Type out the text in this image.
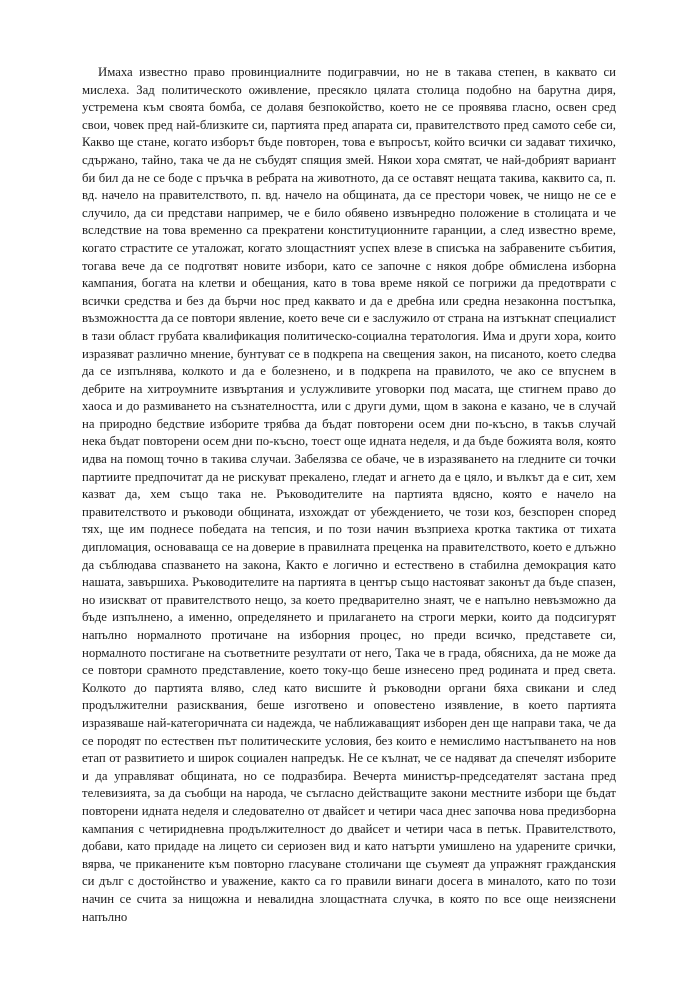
Имаха известно право провинциалните подигравчии, но не в такава степен, в каквато си мислеха. Зад политическото оживление, пресякло цялата столица подобно на барутна диря, устремена към своята бомба, се долавя безпокойство, което не се проявява гласно, освен сред свои, човек пред най-близките си, партията пред апарата си, правителството пред самото себе си, Какво ще стане, когато изборът бъде повторен, това е въпросът, който всички си задават тихичко, сдържано, тайно, така че да не събудят спящия змей. Някои хора смятат, че най-добрият вариант би бил да не се боде с пръчка в ребрата на животното, да се оставят нещата такива, каквито са, п. вд. начело на правителството, п. вд. начело на общината, да се престори човек, че нищо не се е случило, да си представи например, че е било обявено извънредно положение в столицата и че вследствие на това временно са прекратени конституционните гаранции, а след известно време, когато страстите се уталожат, когато злощастният успех влезе в списъка на забравените събития, тогава вече да се подготвят новите избори, като се започне с някоя добре обмислена изборна кампания, богата на клетви и обещания, като в това време някой се погрижи да предотврати с всички средства и без да бърчи нос пред каквато и да е дребна или средна незаконна постъпка, възможността да се повтори явление, което вече си е заслужило от страна на изтъкнат специалист в тази област грубата квалификация политическо-социална тератология. Има и други хора, които изразяват различно мнение, бунтуват се в подкрепа на свещения закон, на писаното, което следва да се изпълнява, колкото и да е болезнено, и в подкрепа на правилото, че ако се впуснем в дебрите на хитроумните извъртания и услужливите уговорки под масата, ще стигнем право до хаоса и до размиването на съзнателността, или с други думи, щом в закона е казано, че в случай на природно бедствие изборите трябва да бъдат повторени осем дни по-късно, в такъв случай нека бъдат повторени осем дни по-късно, тоест още идната неделя, и да бъде божията воля, която идва на помощ точно в такива случаи. Забелязва се обаче, че в изразяването на гледните си точки партиите предпочитат да не рискуват прекалено, гледат и агнето да е цяло, и вълкът да е сит, хем казват да, хем също така не. Ръководителите на партията вдясно, която е начело на правителството и ръководи общината, изхождат от убеждението, че този коз, безспорен според тях, ще им поднесе победата на тепсия, и по този начин възприеха кротка тактика от тихата дипломация, основаваща се на доверие в правилната преценка на правителството, което е длъжно да съблюдава спазването на закона, Както е логично и естествено в стабилна демокрация като нашата, завършиха. Ръководителите на партията в център също настояват законът да бъде спазен, но изискват от правителството нещо, за което предварително знаят, че е напълно невъзможно да бъде изпълнено, а именно, определянето и прилагането на строги мерки, които да подсигурят напълно нормалното протичане на изборния процес, но преди всичко, представете си, нормалното постигане на съответните резултати от него, Така че в града, обясниха, да не може да се повтори срамното представление, което току-що беше изнесено пред родината и пред света. Колкото до партията вляво, след като висшите ѝ ръководни органи бяха свикани и след продължителни разисквания, беше изготвено и оповестено изявление, в което партията изразяваше най-категоричната си надежда, че наближаващият изборен ден ще направи така, че да се породят по естествен път политическите условия, без които е немислимо настъпването на нов етап от развитието и широк социален напредък. Не се кълнат, че се надяват да спечелят изборите и да управляват общината, но се подразбира. Вечерта министър-председателят застана пред телевизията, за да съобщи на народа, че съгласно действащите закони местните избори ще бъдат повторени идната неделя и следователно от двайсет и четири часа днес започва нова предизборна кампания с четиридневна продължителност до двайсет и четири часа в петък. Правителството, добави, като придаде на лицето си сериозен вид и като натърти умишлено на ударените срички, вярва, че приканените към повторно гласуване столичани ще съумеят да упражнят гражданския си дълг с достойнство и уважение, както са го правили винаги досега в миналото, като по този начин се счита за нищожна и невалидна злощастната случка, в която по все още неизяснени напълно
